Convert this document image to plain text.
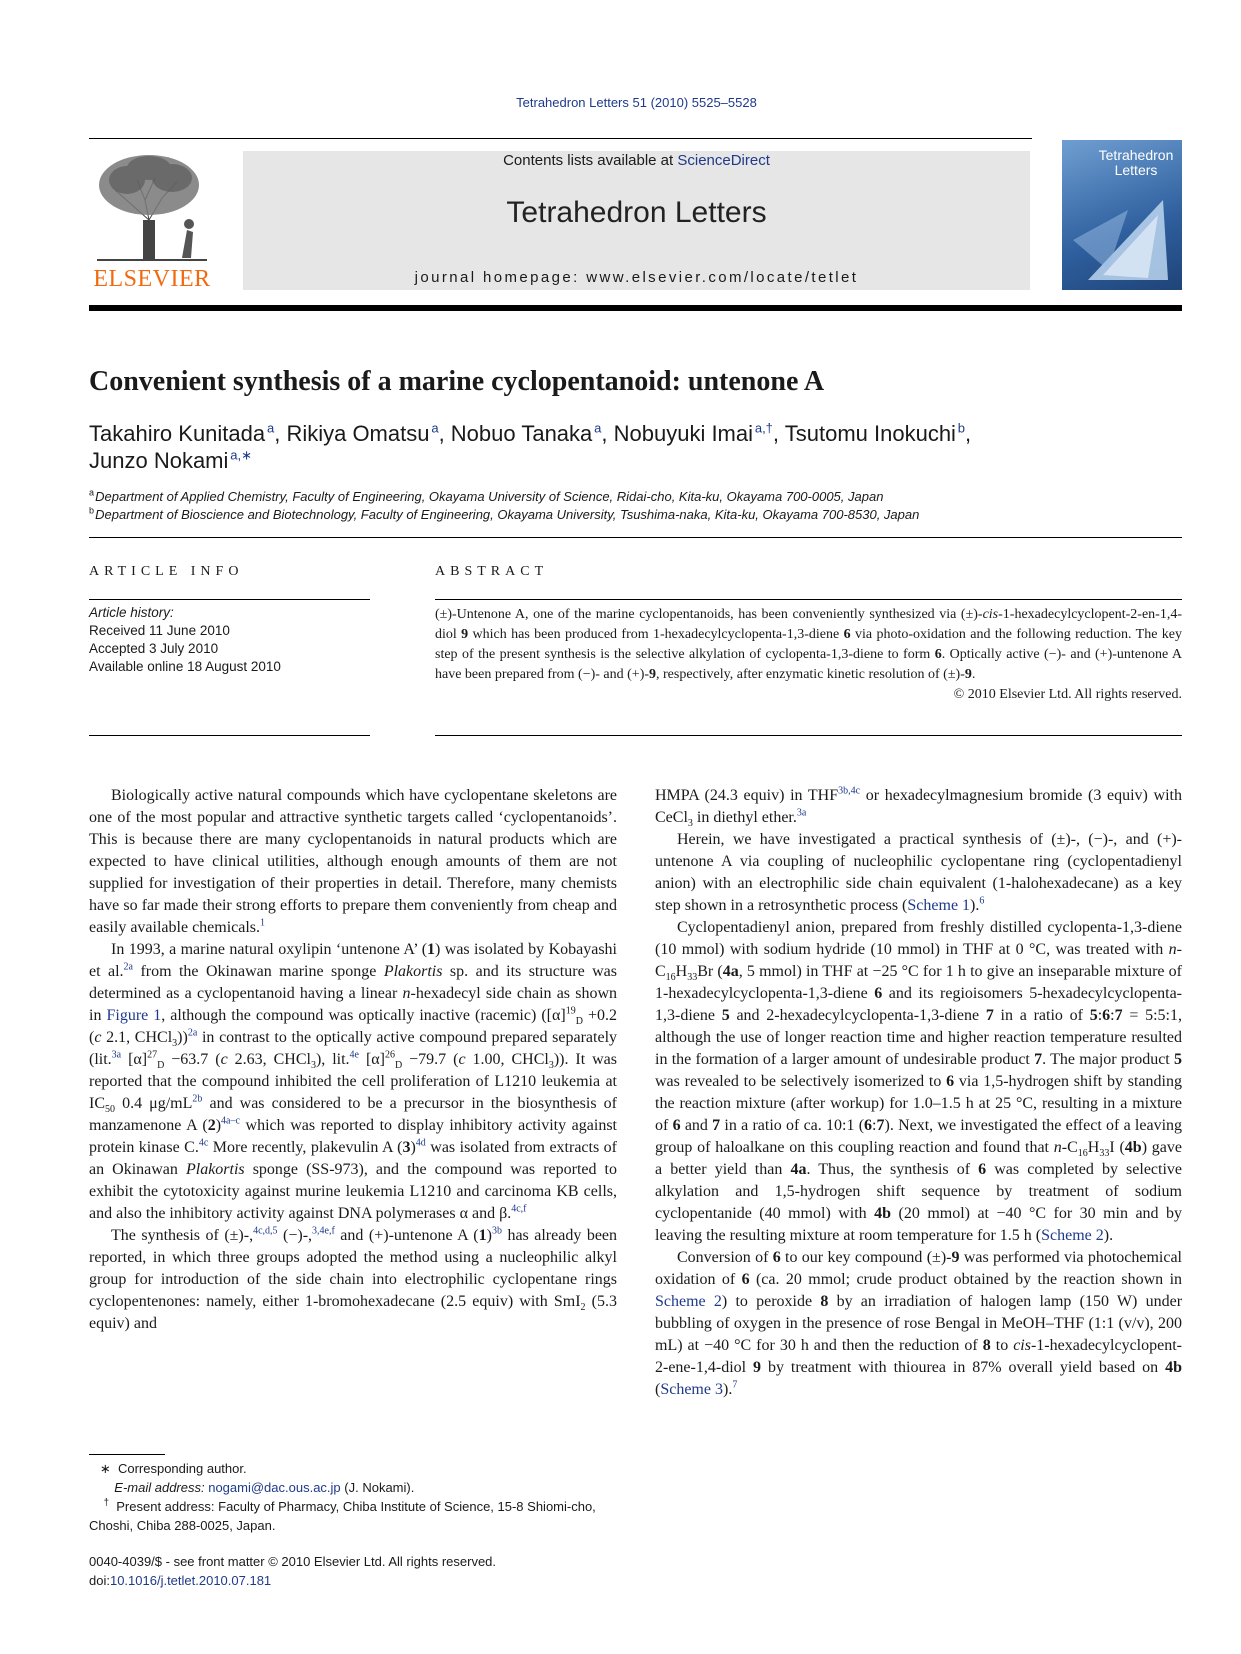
Tetrahedron Letters 51 (2010) 5525–5528
ELSEVIER
Contents lists available at ScienceDirect
Tetrahedron Letters
journal homepage: www.elsevier.com/locate/tetlet
Tetrahedron
Letters
Convenient synthesis of a marine cyclopentanoid: untenone A
Takahiro Kunitada  $^a$, Rikiya Omatsu  $^a$, Nobuo Tanaka  $^a$, Nobuyuki Imai  $^{a,\dagger}$, Tsutomu Inokuchi  $^b$,
Junzo Nokami  $^{a,∗}$
$^a$ Department of Applied Chemistry, Faculty of Engineering, Okayama University of Science, Ridai-cho, Kita-ku, Okayama 700-0005, Japan
$^b$ Department of Bioscience and Biotechnology, Faculty of Engineering, Okayama University, Tsushima-naka, Kita-ku, Okayama 700-8530, Japan
ARTICLE INFO	ABSTRACT
Article history:
Received 11 June 2010
Accepted 3 July 2010
Available online 18 August 2010
(±)-Untenone A, one of the marine cyclopentanoids, has been conveniently synthesized via (±)-cis-1-hexadecylcyclopent-2-en-1,4-diol 9 which has been produced from 1-hexadecylcyclopenta-1,3-diene 6 via photo-oxidation and the following reduction. The key step of the present synthesis is the selective alkylation of cyclopenta-1,3-diene to form 6. Optically active (−)- and (+)-untenone A have been prepared from (−)- and (+)-9, respectively, after enzymatic kinetic resolution of (±)-9.
© 2010 Elsevier Ltd. All rights reserved.

Biologically active natural compounds which have cyclopentane skeletons are one of the most popular and attractive synthetic targets called ‘cyclopentanoids’. This is because there are many cyclopentanoids in natural products which are expected to have clinical utilities, although enough amounts of them are not supplied for investigation of their properties in detail. Therefore, many chemists have so far made their strong efforts to prepare them conveniently from cheap and easily available chemicals.$^1$

In 1993, a marine natural oxylipin ‘untenone A’ (1) was isolated by Kobayashi et al.$^{2a}$ from the Okinawan marine sponge Plakortis sp. and its structure was determined as a cyclopentanoid having a linear n-hexadecyl side chain as shown in Figure 1, although the compound was optically inactive (racemic) ($[\alpha]^{19}_D +0.2$ (c 2.1, CHCl$_3$))$^{2a}$ in contrast to the optically active compound prepared separately (lit.$^{3a}$ $[\alpha]^{27}_D -63.7$ (c 2.63, CHCl$_3$), lit.$^{4e}$ $[\alpha]^{26}_D -79.7$ (c 1.00, CHCl$_3$)). It was reported that the compound inhibited the cell proliferation of L1210 leukemia at $IC_{50}$ 0.4 $\mu g/mL^{2b}$ and was considered to be a precursor in the biosynthesis of manzamenone A $(2)^{4a-c}$ which was reported to display inhibitory activity against protein kinase C.$^{4c}$ More recently, plakevulin A $(3)^{4d}$ was isolated from extracts of an Okinawan Plakortis sponge (SS-973), and the compound was reported to exhibit the cytotoxicity against murine leukemia L1210 and carcinoma KB cells, and also the inhibitory activity against DNA polymerases α and β.$^{4c,f}$

The synthesis of (±)-,$^{4c,d,5}$ (−)-,$^{3,4e,f}$ and (+)-untenone A $(1)^{3b}$ has already been reported, in which three groups adopted the method using a nucleophilic alkyl group for introduction of the side chain into electrophilic cyclopentane rings cyclopentenones: namely, either 1-bromohexadecane (2.5 equiv) with SmI$_2$ (5.3 equiv) and

HMPA (24.3 equiv) in $THF^{3b,4c}$ or hexadecylmagnesium bromide (3 equiv) with CeCl$_3$ in diethyl ether.$^{3a}$

Herein, we have investigated a practical synthesis of (±)-, (−)-, and (+)-untenone A via coupling of nucleophilic cyclopentane ring (cyclopentadienyl anion) with an electrophilic side chain equivalent (1-halohexadecane) as a key step shown in a retrosynthetic process (Scheme 1).$^6$

Cyclopentadienyl anion, prepared from freshly distilled cyclopenta-1,3-diene (10 mmol) with sodium hydride (10 mmol) in THF at 0 °C, was treated with $n-C_{16}H_{33}Br$ (4a, 5 mmol) in THF at −25 °C for 1 h to give an inseparable mixture of 1-hexadecylcyclopenta-1,3-diene 6 and its regioisomers 5-hexadecylcyclopenta-1,3-diene 5 and 2-hexadecylcyclopenta-1,3-diene 7 in a ratio of 5:6:7 = 5:5:1, although the use of longer reaction time and higher reaction temperature resulted in the formation of a larger amount of undesirable product 7. The major product 5 was revealed to be selectively isomerized to 6 via 1,5-hydrogen shift by standing the reaction mixture (after workup) for 1.0–1.5 h at 25 °C, resulting in a mixture of 6 and 7 in a ratio of ca. 10:1 (6:7). Next, we investigated the effect of a leaving group of haloalkane on this coupling reaction and found that $n-C_{16}H_{33}I$ (4b) gave a better yield than 4a. Thus, the synthesis of 6 was completed by selective alkylation and 1,5-hydrogen shift sequence by treatment of sodium cyclopentanide (40 mmol) with 4b (20 mmol) at −40 °C for 30 min and by leaving the resulting mixture at room temperature for 1.5 h (Scheme 2).

Conversion of 6 to our key compound (±)-9 was performed via photochemical oxidation of 6 (ca. 20 mmol; crude product obtained by the reaction shown in Scheme 2) to peroxide 8 by an irradiation of halogen lamp (150 W) under bubbling of oxygen in the presence of rose Bengal in MeOH–THF (1:1 (v/v), 200 mL) at −40 °C for 30 h and then the reduction of 8 to cis-1-hexadecylcyclopent- 2-ene-1,4-diol 9 by treatment with thiourea in 87% overall yield based on 4b (Scheme 3).$^7$

∗  Corresponding author.

E-mail address: nogami@dac.ous.ac.jp (J. Nokami).

† Present address: Faculty of Pharmacy, Chiba Institute of Science, 15-8 Shiomi-cho, Choshi, Chiba 288-0025, Japan.

0040-4039/$ - see front matter © 2010 Elsevier Ltd. All rights reserved.
doi:10.1016/j.tetlet.2010.07.181
